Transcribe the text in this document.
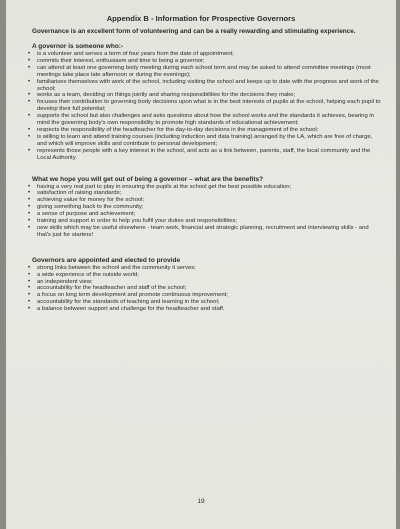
Appendix B - Information for Prospective Governors
Governance is an excellent form of volunteering and can be a really rewarding and stimulating experience.
A governor is someone who:-
• is a volunteer and serves a term of four years from the date of appointment;
• commits their interest, enthusiasm and time to being a governor;
• can attend at least one governing body meeting during each school term and may be asked to attend committee meetings (most meetings take place late afternoon or during the evenings);
• familiarises themselves with work of the school, including visiting the school and keeps up to date with the progress and work of the school;
• works as a team, deciding on things jointly and sharing responsibilities for the decisions they make;
• focuses their contribution to governing body decisions upon what is in the best interests of pupils at the school, helping each pupil to develop their full potential;
• supports the school but also challenges and asks questions about how the school works and the standards it achieves, bearing in mind the governing body's own responsibility to promote high standards of educational achievement;
• respects the responsibility of the headteacher for the day-to-day decisions in the management of the school;
• is willing to learn and attend training courses (including induction and data training) arranged by the LA, which are free of charge, and which will improve skills and contribute to personal development;
• represents those people with a key interest in the school, and acts as a link between, parents, staff, the local community and the Local Authority.
What we hope you will get out of being a governor – what are the benefits?
• having a very real part to play in ensuring the pupils at the school get the best possible education;
• satisfaction of raising standards;
• achieving value for money for the school;
• giving something back to the community;
• a sense of purpose and achievement;
• training and support in order to help you fulfil your duties and responsibilities;
• new skills which may be useful elsewhere - team work, financial and strategic planning, recruitment and interviewing skills - and that's just for starters!
Governors are appointed and elected to provide
• strong links between the school and the community it serves;
• a wide experience of the outside world;
• an independent view;
• accountability for the headteacher and staff of the school;
• a focus on long term development and promote continuous improvement;
• accountability for the standards of teaching and learning in the school;
• a balance between support and challenge for the headteacher and staff.
19
